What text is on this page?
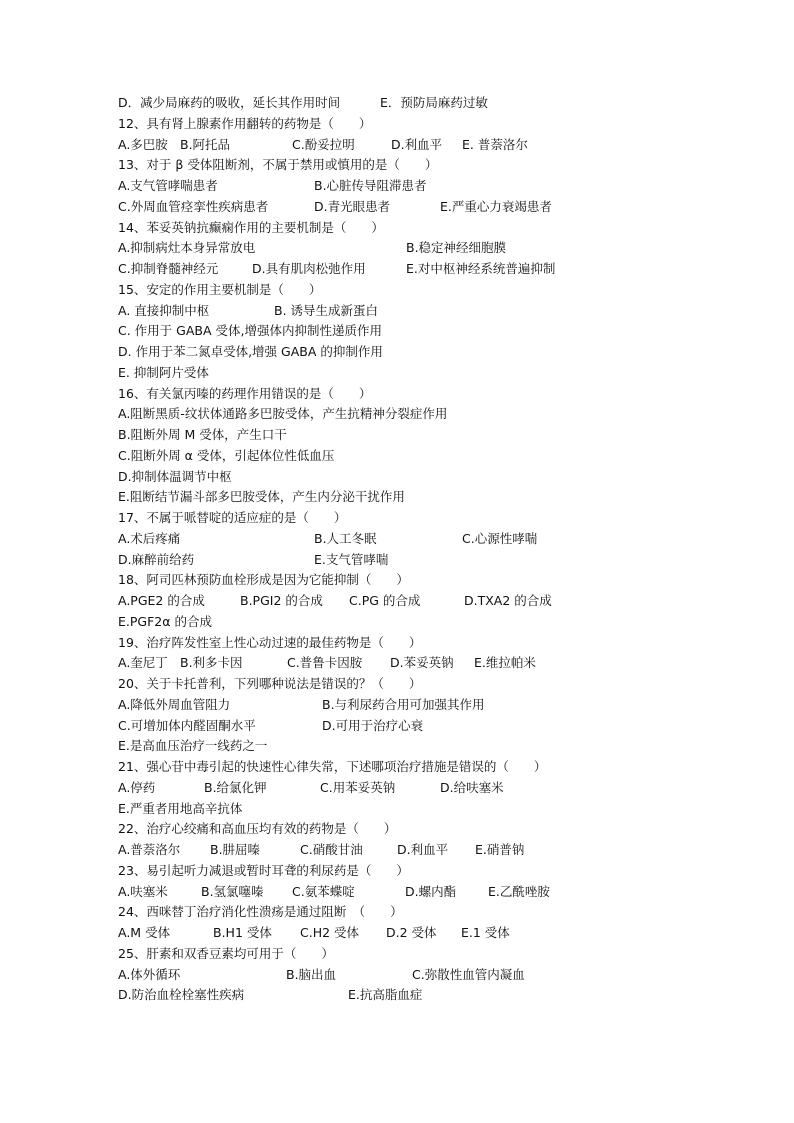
D．减少局麻药的吸收，延长其作用时间	E．预防局麻药过敏
12、具有肾上腺素作用翻转的药物是（　　）
A.多巴胺 B.阿托品	C.酚妥拉明	D.利血平 E. 普萘洛尔
13、对于 β 受体阻断剂，不属于禁用或慎用的是（　　）
A.支气管哮喘患者	B.心脏传导阻滞患者
C.外周血管痉挛性疾病患者	D.青光眼患者	E.严重心力衰竭患者
14、苯妥英钠抗癫痫作用的主要机制是（　　）
A.抑制病灶本身异常放电	B.稳定神经细胞膜
C.抑制脊髓神经元	D.具有肌肉松弛作用	E.对中枢神经系统普遍抑制
15、安定的作用主要机制是（　　）
A. 直接抑制中枢	B. 诱导生成新蛋白
C. 作用于 GABA 受体,增强体内抑制性递质作用
D. 作用于苯二氮卓受体,增强 GABA 的抑制作用
E. 抑制阿片受体
16、有关氯丙嗪的药理作用错误的是（　　）
A.阻断黑质-纹状体通路多巴胺受体，产生抗精神分裂症作用
B.阻断外周 M 受体，产生口干
C.阻断外周 α 受体，引起体位性低血压
D.抑制体温调节中枢
E.阻断结节漏斗部多巴胺受体，产生内分泌干扰作用
17、不属于哌替啶的适应症的是（　　）
A.术后疼痛	B.人工冬眠	C.心源性哮喘
D.麻醉前给药	E.支气管哮喘
18、阿司匹林预防血栓形成是因为它能抑制（　　）
A.PGE2 的合成	B.PGI2 的合成 C.PG 的合成	D.TXA2 的合成
E.PGF2α 的合成
19、治疗阵发性室上性心动过速的最佳药物是（　　）
A.奎尼丁 B.利多卡因	C.普鲁卡因胺 D.苯妥英钠 E.维拉帕米
20、关于卡托普利，下列哪种说法是错误的？（　　）
A.降低外周血管阻力	B.与利尿药合用可加强其作用
C.可增加体内醛固酮水平	D.可用于治疗心衰
E.是高血压治疗一线药之一
21、强心苷中毒引起的快速性心律失常，下述哪项治疗措施是错误的（　　）
A.停药	B.给氯化钾	C.用苯妥英钠	D.给呋塞米
E.严重者用地高辛抗体
22、治疗心绞痛和高血压均有效的药物是（　　）
A.普萘洛尔 B.肼屈嗪	C.硝酸甘油	D.利血平 E.硝普钠
23、易引起听力减退或暂时耳聋的利尿药是（　　）
A.呋塞米	B.氢氯噻嗪 C.氨苯蝶啶	D.螺内酯	E.乙酰唑胺
24、西咪替丁治疗消化性溃疡是通过阻断　（　　）
A.M 受体	B.H1 受体 C.H2 受体 D.2 受体 E.1 受体
25、肝素和双香豆素均可用于（　　）
A.体外循环	B.脑出血	C.弥散性血管内凝血
D.防治血栓栓塞性疾病	E.抗高脂血症
